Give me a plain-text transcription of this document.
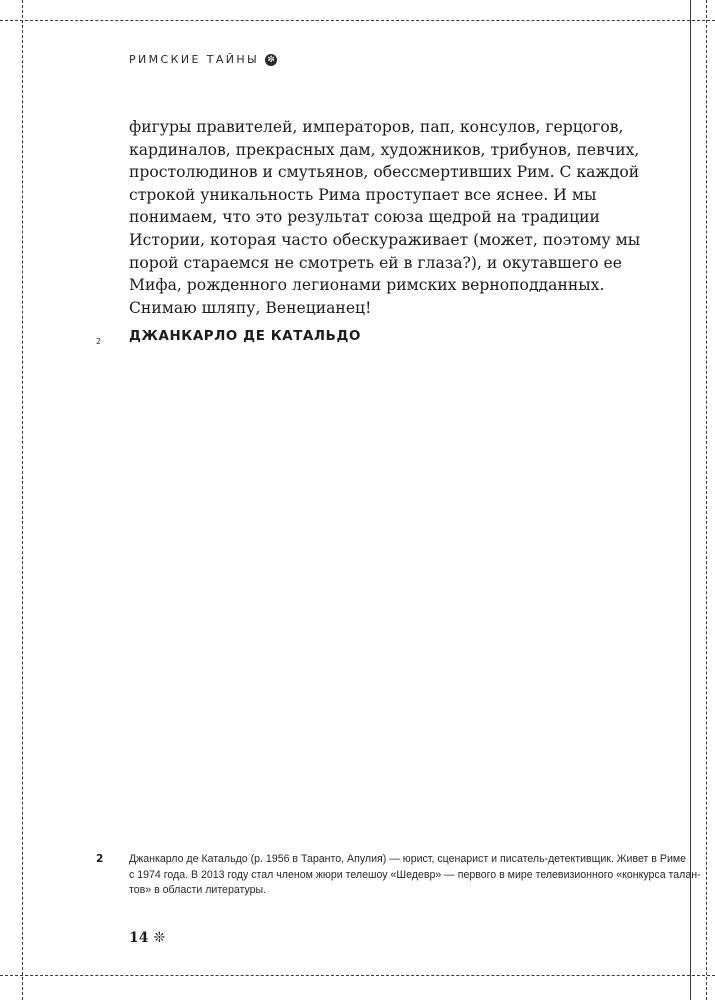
РИМСКИЕ ТАЙНЫ ✼

фигуры правителей, императоров, пап, консулов, герцогов,
кардиналов, прекрасных дам, художников, трибунов, певчих,
простолюдинов и смутьянов, обессмертивших Рим. С каждой
строкой уникальность Рима проступает все яснее. И мы
понимаем, что это результат союза щедрой на традиции
Истории, которая часто обескураживает (может, поэтому мы
порой стараемся не смотреть ей в глаза?), и окутавшего ее
Мифа, рожденного легионами римских верноподданных.
Снимаю шляпу, Венецианец!

2 ДЖАНКАРЛО ДЕ КАТАЛЬДО
2	Джанкарло де Катальдо (р. 1956 в Таранто, Апулия) — юрист, сценарист и писатель-детективщик. Живет в Риме
с 1974 года. В 2013 году стал членом жюри телешоу «Шедевр» — первого в мире телевизионного «конкурса талан-
тов» в области литературы.
14 ❊
